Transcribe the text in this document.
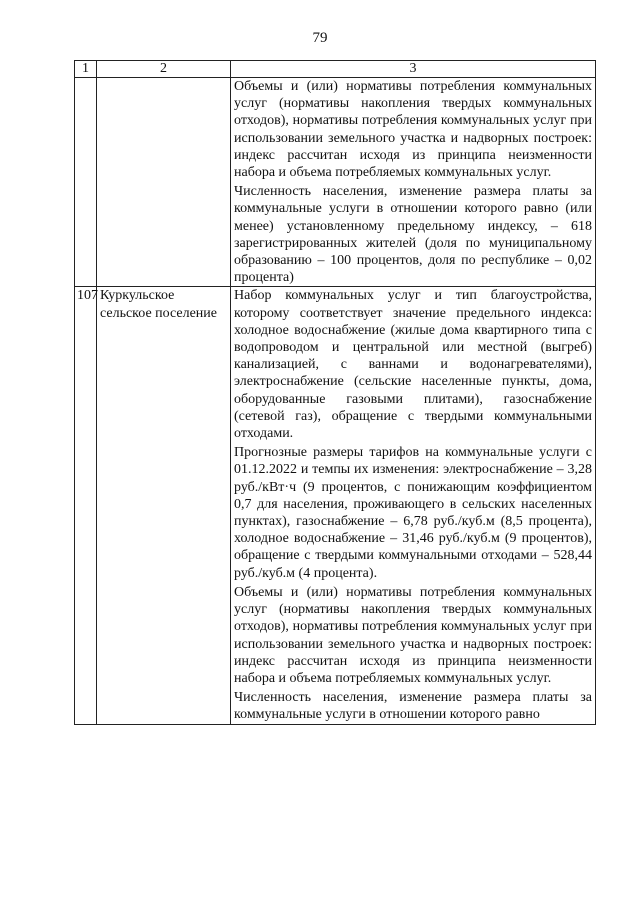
79
1	2	3

		Объемы и (или) нормативы потребления коммунальных услуг (нормативы накопления твердых коммунальных отходов), нормативы потребления коммунальных услуг при использовании земельного участка и надворных построек: индекс рассчитан исходя из принципа неизменности набора и объема потребляемых коммунальных услуг.

Численность населения, изменение размера платы за коммунальные услуги в отношении которого равно (или менее) установленному предельному индексу, – 618 зарегистрированных жителей (доля по муниципальному образованию – 100 процентов, доля по республике – 0,02 процента)

107	Куркульское сельское поселение	Набор коммунальных услуг и тип благоустройства, которому соответствует значение предельного индекса: холодное водоснабжение (жилые дома квартирного типа с водопроводом и центральной или местной (выгреб) канализацией, с ваннами и водонагревателями), электроснабжение (сельские населенные пункты, дома, оборудованные газовыми плитами), газоснабжение (сетевой газ), обращение с твердыми коммунальными отходами.

Прогнозные размеры тарифов на коммунальные услуги с 01.12.2022 и темпы их изменения: электроснабжение – 3,28 руб./кВт·ч (9 процентов, с понижающим коэффициентом 0,7 для населения, проживающего в сельских населенных пунктах), газоснабжение – 6,78 руб./куб.м (8,5 процента), холодное водоснабжение – 31,46 руб./куб.м (9 процентов), обращение с твердыми коммунальными отходами – 528,44 руб./куб.м (4 процента).

Объемы и (или) нормативы потребления коммунальных услуг (нормативы накопления твердых коммунальных отходов), нормативы потребления коммунальных услуг при использовании земельного участка и надворных построек: индекс рассчитан исходя из принципа неизменности набора и объема потребляемых коммунальных услуг.

Численность населения, изменение размера платы за коммунальные услуги в отношении которого равно
